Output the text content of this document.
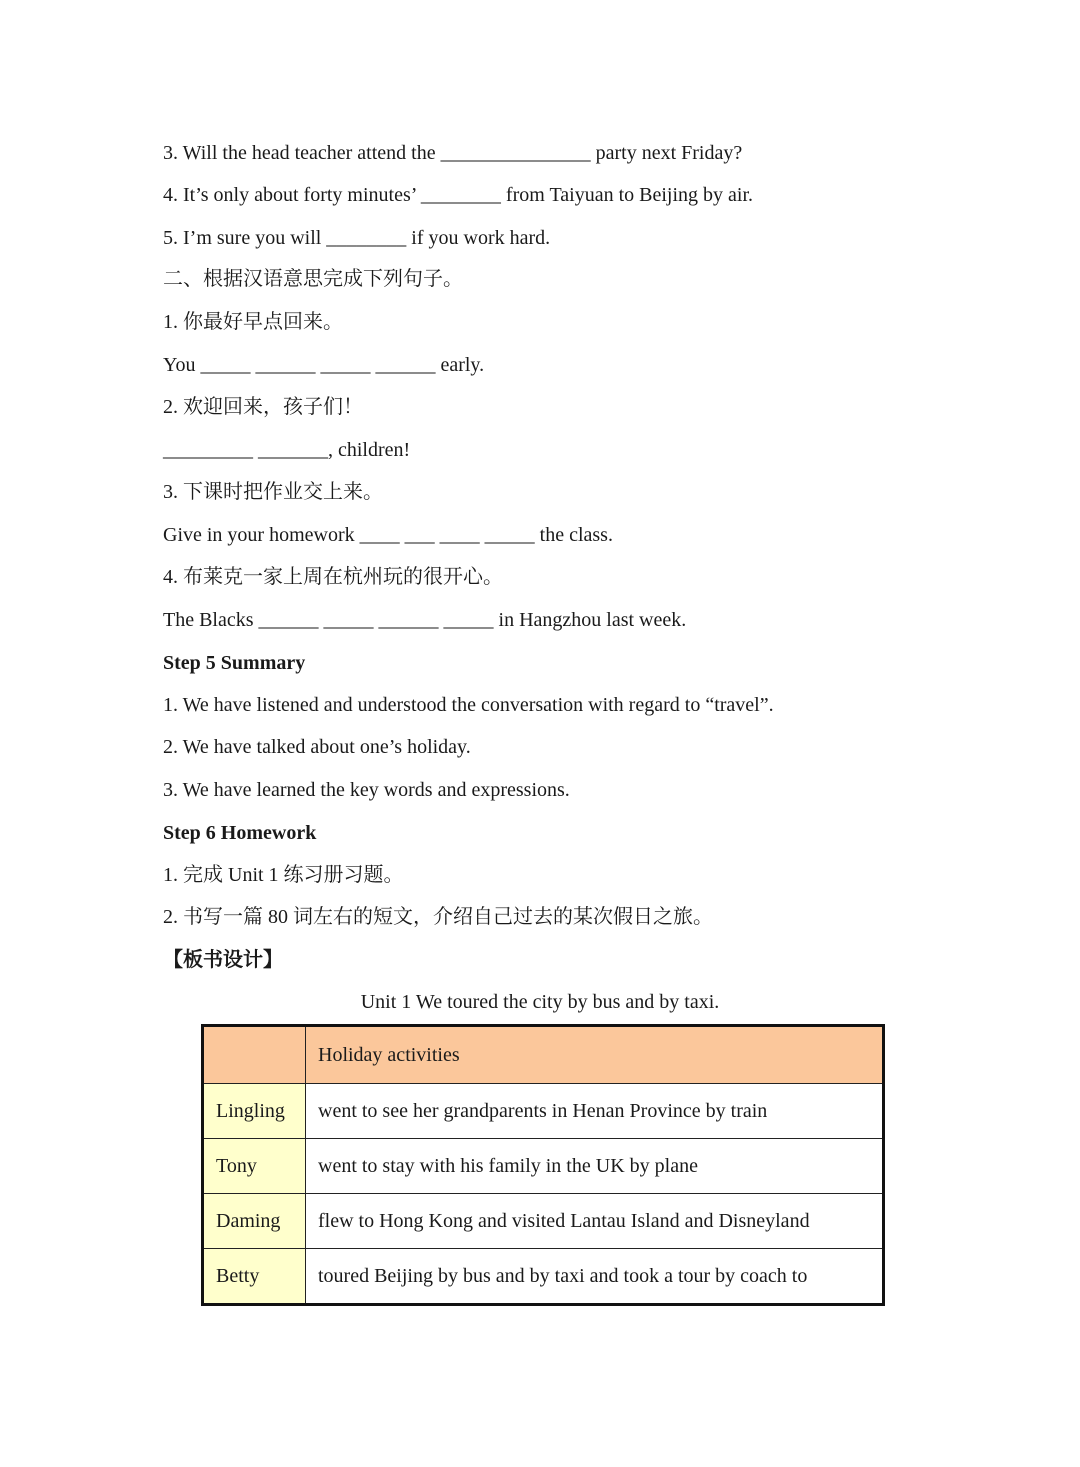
3. Will the head teacher attend the _______________ party next Friday?
4. It’s only about forty minutes’ ________ from Taiyuan to Beijing by air.
5. I’m sure you will ________ if you work hard.
二、根据汉语意思完成下列句子。
1. 你最好早点回来。
You _____ ______ _____ ______ early.
2. 欢迎回来，孩子们！
_________ _______, children!
3. 下课时把作业交上来。
Give in your homework ____ ___ ____ _____ the class.
4. 布莱克一家上周在杭州玩的很开心。
The Blacks ______ _____ ______ _____ in Hangzhou last week.
Step 5 Summary
1. We have listened and understood the conversation with regard to “travel”.
2. We have talked about one’s holiday.
3. We have learned the key words and expressions.
Step 6 Homework
1. 完成 Unit 1 练习册习题。
2. 书写一篇 80 词左右的短文，介绍自己过去的某次假日之旅。
【板书设计】
Unit 1 We toured the city by bus and by taxi.
	Holiday activities
Lingling	went to see her grandparents in Henan Province by train
Tony	went to stay with his family in the UK by plane
Daming	flew to Hong Kong and visited Lantau Island and Disneyland
Betty	toured Beijing by bus and by taxi and took a tour by coach to
